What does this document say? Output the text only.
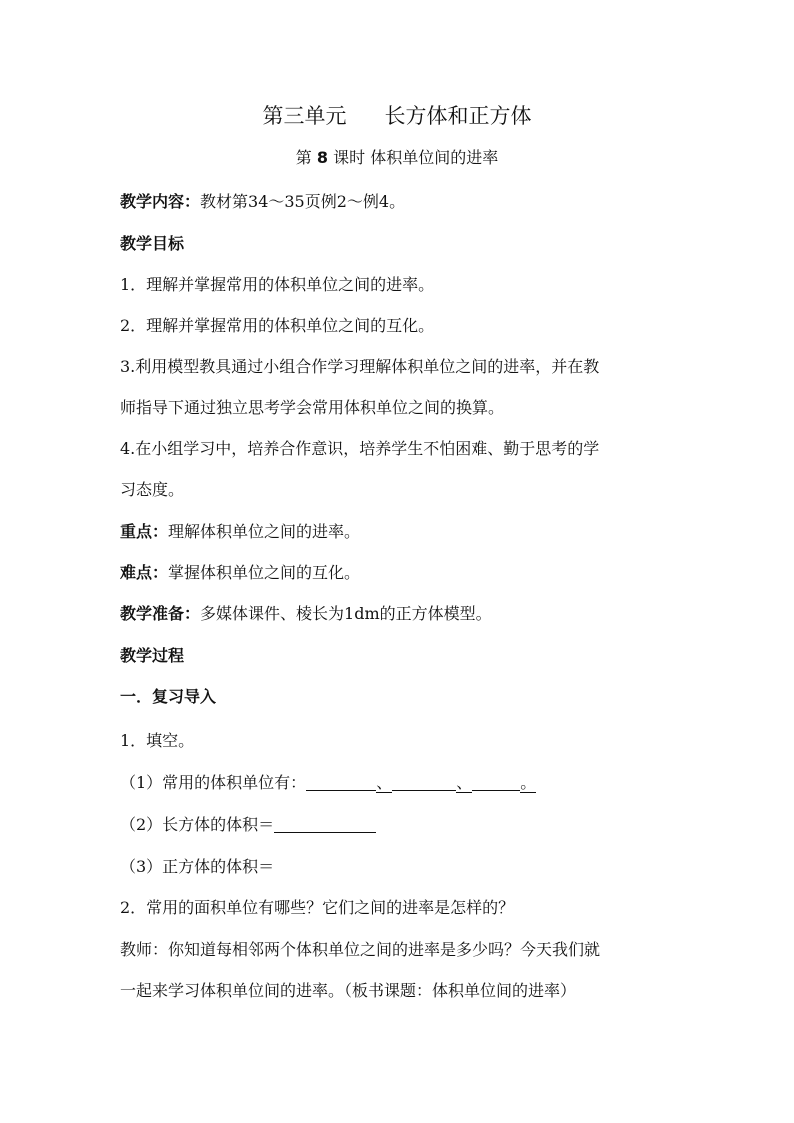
第三单元 长方体和正方体
第 8 课时 体积单位间的进率
教学内容：教材第34～35页例2～例4。
教学目标
1．理解并掌握常用的体积单位之间的进率。
2．理解并掌握常用的体积单位之间的互化。
3.利用模型教具通过小组合作学习理解体积单位之间的进率，并在教
师指导下通过独立思考学会常用体积单位之间的换算。
4.在小组学习中，培养合作意识，培养学生不怕困难、勤于思考的学
习态度。
重点：理解体积单位之间的进率。
难点：掌握体积单位之间的互化。
教学准备：多媒体课件、棱长为1dm的正方体模型。
教学过程
一．复习导入
1．填空。
（1）常用的体积单位有：	、	、	。
（2）长方体的体积＝
（3）正方体的体积＝
2．常用的面积单位有哪些？它们之间的进率是怎样的？
教师：你知道每相邻两个体积单位之间的进率是多少吗？今天我们就
一起来学习体积单位间的进率。（板书课题：体积单位间的进率）
